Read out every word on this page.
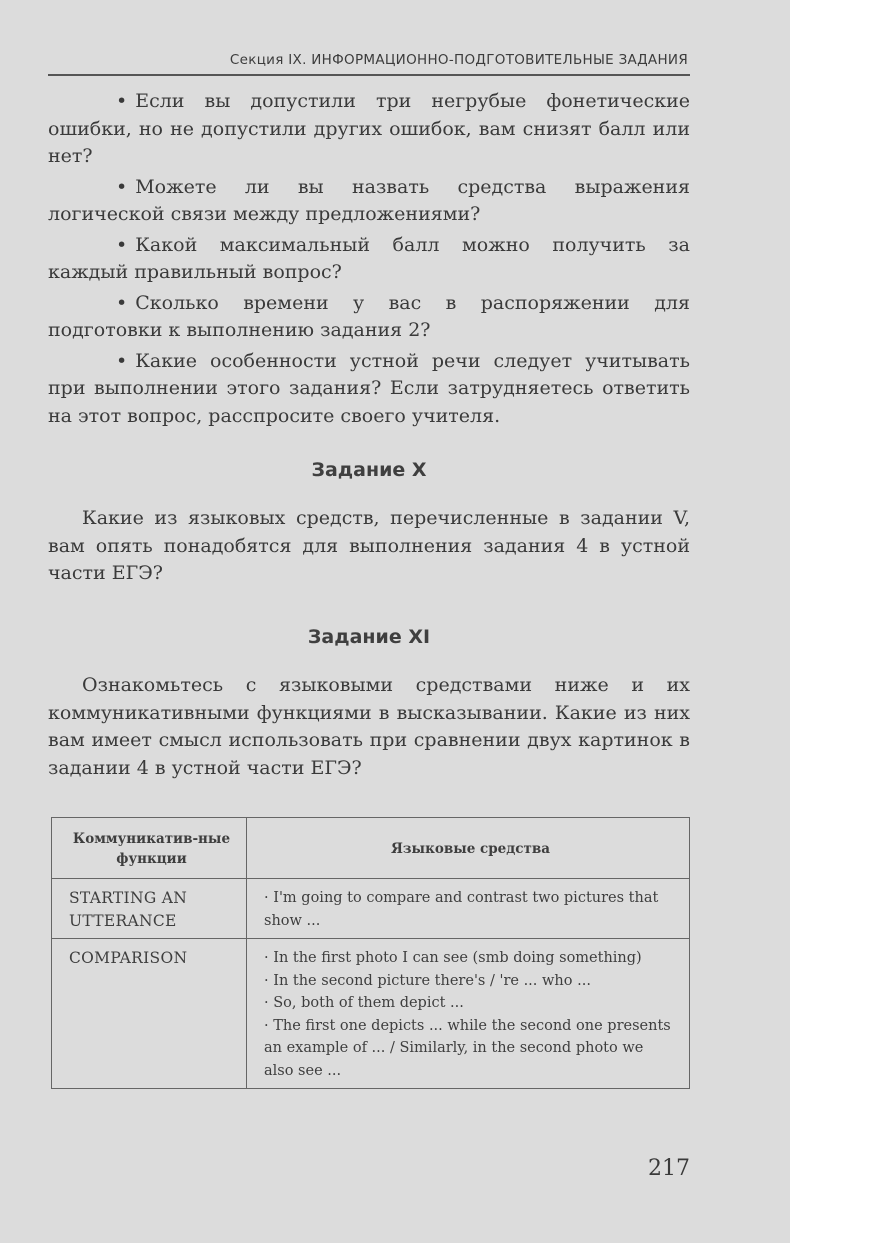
Секция IX. ИНФОРМАЦИОННО-ПОДГОТОВИТЕЛЬНЫЕ ЗАДАНИЯ

• Если вы допустили три негрубые фонетические ошибки, но не допустили других ошибок, вам снизят балл или нет?

• Можете ли вы назвать средства выражения логической связи между предложениями?

• Какой максимальный балл можно получить за каждый правильный вопрос?

• Сколько времени у вас в распоряжении для подготовки к выполнению задания 2?

• Какие особенности устной речи следует учитывать при выполнении этого задания? Если затрудняетесь ответить на этот вопрос, расспросите своего учителя.

Задание X

Какие из языковых средств, перечисленные в задании V, вам опять понадобятся для выполнения задания 4 в устной части ЕГЭ?

Задание XI

Ознакомьтесь с языковыми средствами ниже и их коммуникативными функциями в высказывании. Какие из них вам имеет смысл использовать при сравнении двух картинок в задании 4 в устной части ЕГЭ?

Коммуникатив-ные функции	Языковые средства
STARTING AN UTTERANCE	· I'm going to compare and contrast two pictures that show ...

COMPARISON	· In the first photo I can see (smb doing something)
· In the second picture there's / 're ... who ...
· So, both of them depict ...
· The first one depicts ... while the second one presents an example of ... / Similarly, in the second photo we also see ...
217
